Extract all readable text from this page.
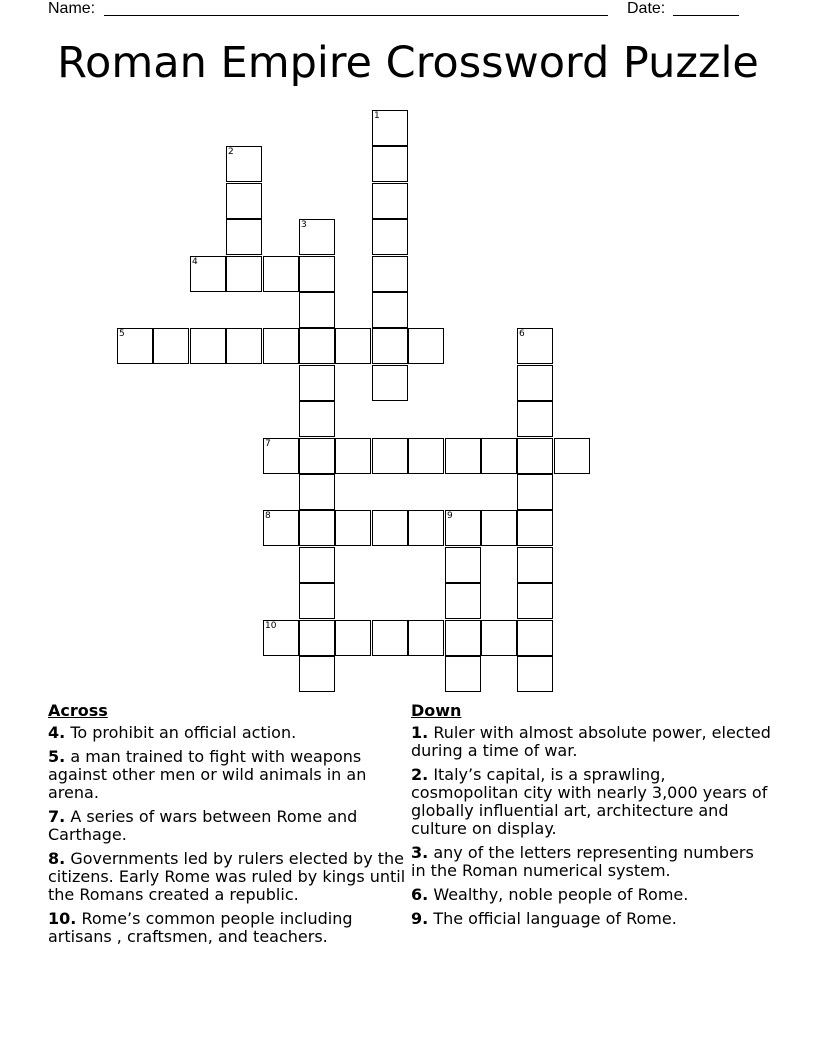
Name:	Date:
Roman Empire Crossword Puzzle
1
2
3
4
5	6
7
8	9
10
Across
4. To prohibit an official action.
5. a man trained to fight with weapons against other men or wild animals in an arena.
7. A series of wars between Rome and Carthage.
8. Governments led by rulers elected by the citizens. Early Rome was ruled by kings until the Romans created a republic.
10. Rome’s common people including artisans , craftsmen, and teachers.
Down
1. Ruler with almost absolute power, elected during a time of war.
2. Italy’s capital, is a sprawling, cosmopolitan city with nearly 3,000 years of globally influential art, architecture and culture on display.
3. any of the letters representing numbers in the Roman numerical system.
6. Wealthy, noble people of Rome.
9. The official language of Rome.
